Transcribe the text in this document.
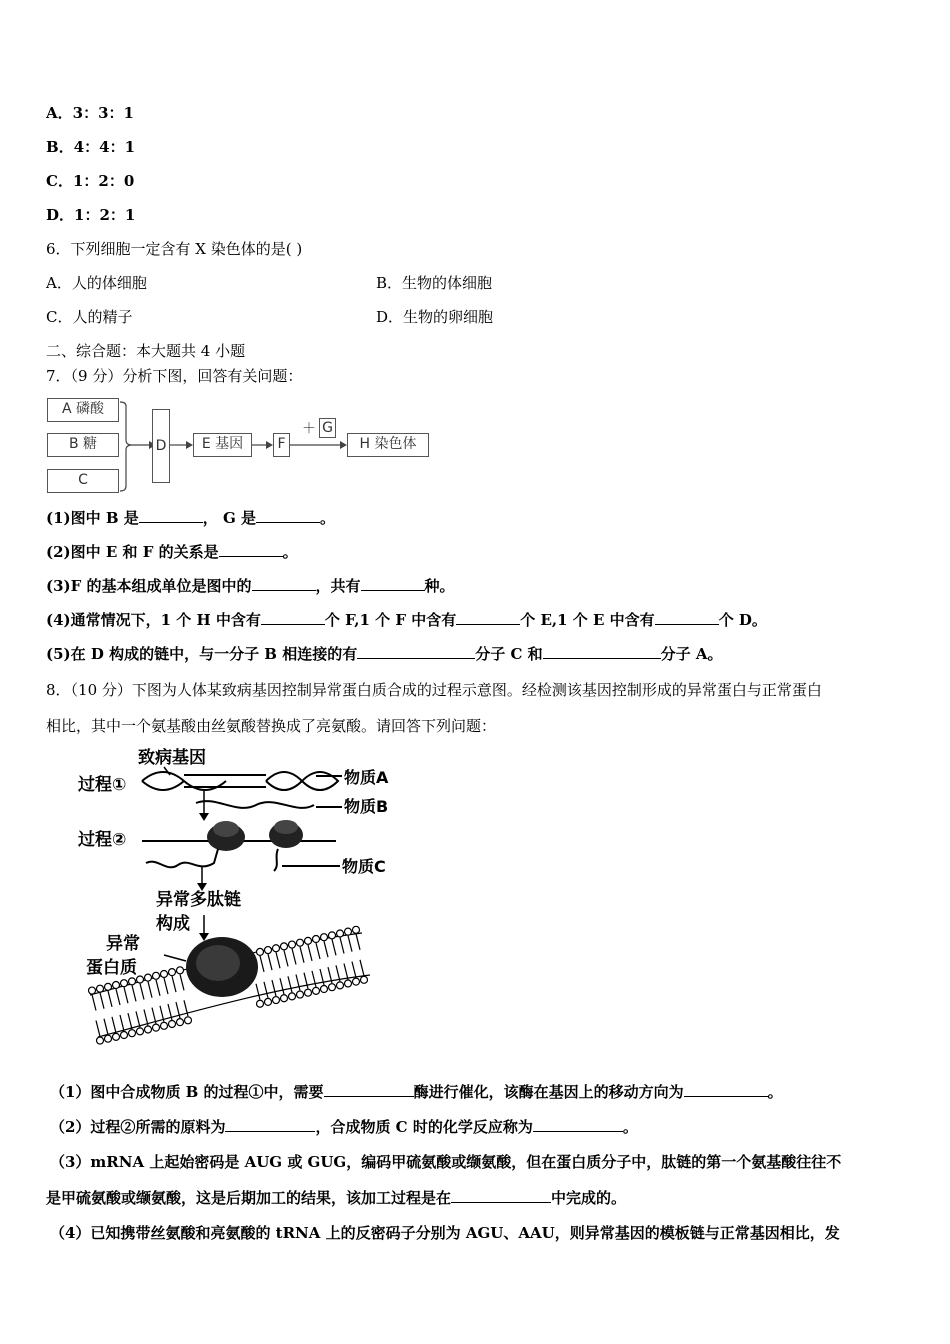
A．3：3：1
B．4：4：1
C．1：2：0
D．1：2：1
6．下列细胞一定含有 X 染色体的是( )
A．人的体细胞	B．生物的体细胞
C．人的精子	D．生物的卵细胞
二、综合题：本大题共 4 小题
7．（9 分）分析下图，回答有关问题：
A 磷酸
B 糖
C
D	E 基因	F
＋ G
H 染色体
(1)图中 B 是	， G 是	。
(2)图中 E 和 F 的关系是	。
(3)F 的基本组成单位是图中的	，共有	种。
(4)通常情况下，1 个 H 中含有	个 F,1 个 F 中含有	个 E,1 个 E 中含有	个 D。
(5)在 D 构成的链中，与一分子 B 相连接的有	分子 C 和	分子 A。
8．（10 分）下图为人体某致病基因控制异常蛋白质合成的过程示意图。经检测该基因控制形成的异常蛋白与正常蛋白
相比，其中一个氨基酸由丝氨酸替换成了亮氨酸。请回答下列问题：
致病基因
过程①	物质A
物质B
过程②
物质C
异常多肽链
构成
异常
蛋白质
（1）图中合成物质 B 的过程①中，需要	酶进行催化，该酶在基因上的移动方向为	。
（2）过程②所需的原料为	，合成物质 C 时的化学反应称为	。
（3）mRNA 上起始密码是 AUG 或 GUG，编码甲硫氨酸或缬氨酸，但在蛋白质分子中，肽链的第一个氨基酸往往不
是甲硫氨酸或缬氨酸，这是后期加工的结果，该加工过程是在	中完成的。
（4）已知携带丝氨酸和亮氨酸的 tRNA 上的反密码子分别为 AGU、AAU，则异常基因的模板链与正常基因相比，发
